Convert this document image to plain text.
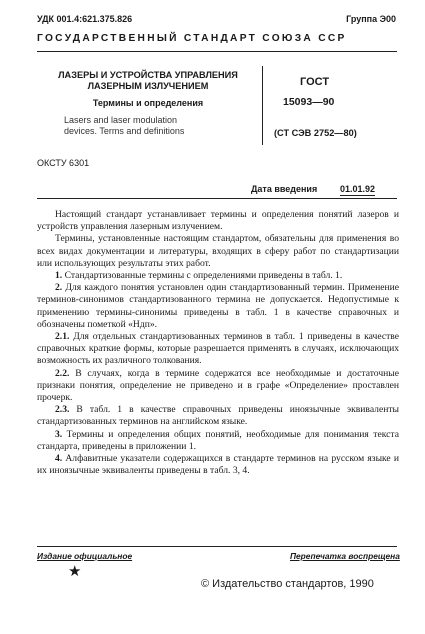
УДК 001.4:621.375.826	Группа Э00
ГОСУДАРСТВЕННЫЙ СТАНДАРТ СОЮЗА ССР
ЛАЗЕРЫ И УСТРОЙСТВА УПРАВЛЕНИЯ
ЛАЗЕРНЫМ ИЗЛУЧЕНИЕМ
Термины и определения
Lasers and laser modulation
devices. Terms and definitions
ГОСТ
15093—90
(СТ СЭВ 2752—80)
ОКСТУ 6301
Дата введения	01.01.92

Настоящий стандарт устанавливает термины и определения понятий лазеров и устройств управления лазерным излучением.

Термины, установленные настоящим стандартом, обязательны для применения во всех видах документации и литературы, входящих в сферу работ по стандартизации или использующих результаты этих работ.

1. Стандартизованные термины с определениями приведены в табл. 1.

2. Для каждого понятия установлен один стандартизованный термин. Применение терминов-синонимов стандартизованного термина не допускается. Недопустимые к применению термины-синонимы приведены в табл. 1 в качестве справочных и обозначены пометкой «Ндп».

2.1. Для отдельных стандартизованных терминов в табл. 1 приведены в качестве справочных краткие формы, которые разрешается применять в случаях, исключающих возможность их различного толкования.

2.2. В случаях, когда в термине содержатся все необходимые и достаточные признаки понятия, определение не приведено и в графе «Определение» проставлен прочерк.

2.3. В табл. 1 в качестве справочных приведены иноязычные эквиваленты стандартизованных терминов на английском языке.

3. Термины и определения общих понятий, необходимые для понимания текста стандарта, приведены в приложении 1.

4. Алфавитные указатели содержащихся в стандарте терминов на русском языке и их иноязычные эквиваленты приведены в табл. 3, 4.

Издание официальное	Перепечатка воспрещена
★
© Издательство стандартов, 1990
